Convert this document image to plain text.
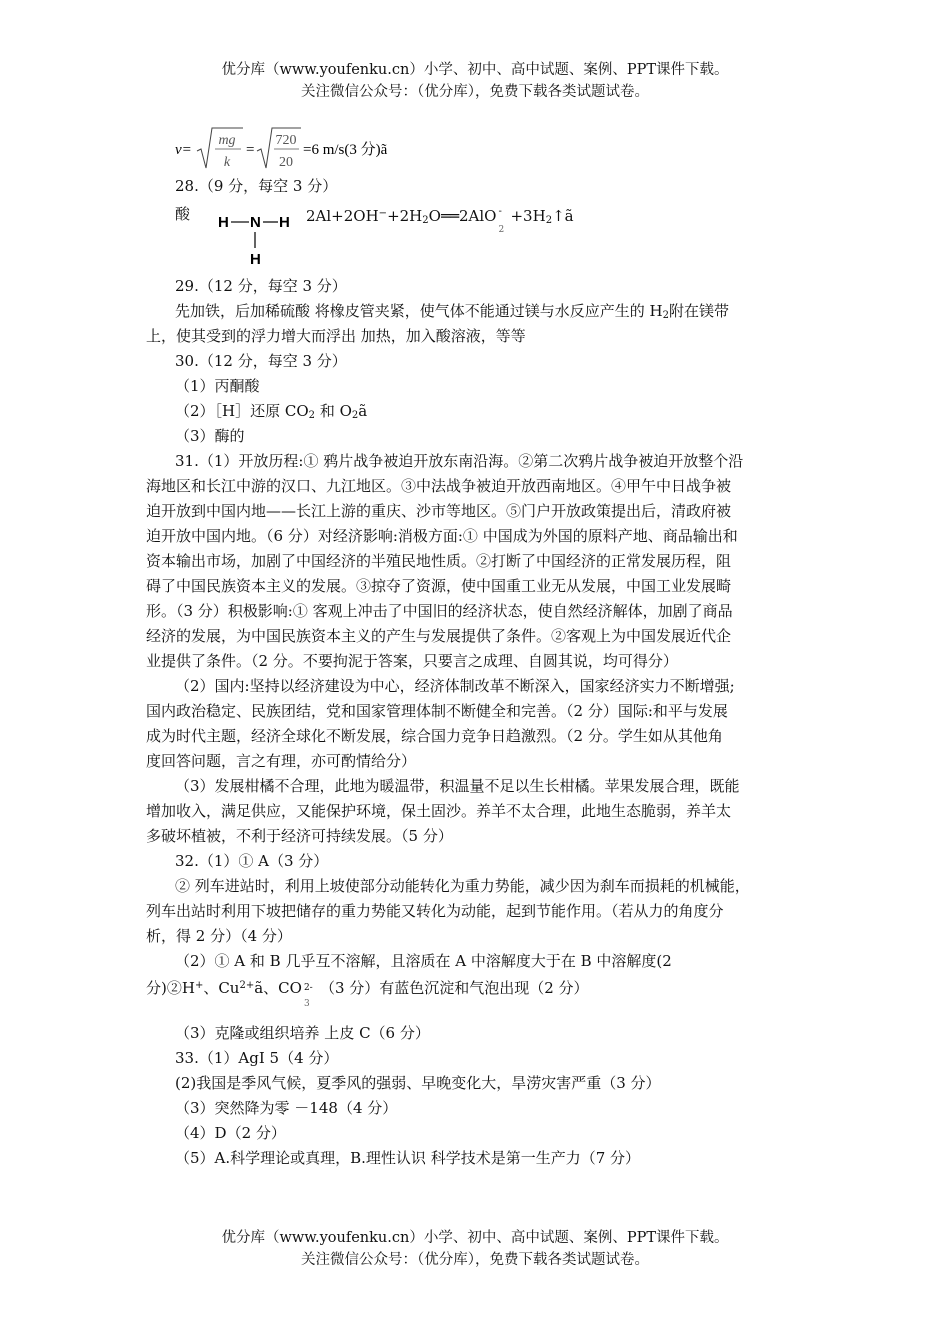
优分库（www.youfenku.cn）小学、初中、高中试题、案例、PPT课件下载。
关注微信公众号：（优分库），免费下载各类试题试卷。
v=
mg
k
=
720
20
=6 m/s(3 分)ã
28.（9 分，每空 3 分）
酸 H N H
H
$2Al+2OH^-+2H_2O══2AlO$ -
2
$+3H_2↑ã$
29.（12 分，每空 3 分）
先加铁，后加稀硫酸 将橡皮管夹紧，使气体不能通过镁与水反应产生的 $H_2$附在镁带
上，使其受到的浮力增大而浮出 加热，加入酸溶液，等等
30.（12 分，每空 3 分）
（1）丙酮酸
（2）［H］还原 $CO_2$ 和 $O_2ã$
（3）酶的
31.（1）开放历程:① 鸦片战争被迫开放东南沿海。②第二次鸦片战争被迫开放整个沿
海地区和长江中游的汉口、九江地区。③中法战争被迫开放西南地区。④甲午中日战争被
迫开放到中国内地——长江上游的重庆、沙市等地区。⑤门户开放政策提出后，清政府被
迫开放中国内地。（6 分）对经济影响:消极方面:① 中国成为外国的原料产地、商品输出和
资本输出市场，加剧了中国经济的半殖民地性质。②打断了中国经济的正常发展历程，阻
碍了中国民族资本主义的发展。③掠夺了资源，使中国重工业无从发展，中国工业发展畸
形。（3 分）积极影响:① 客观上冲击了中国旧的经济状态，使自然经济解体，加剧了商品
经济的发展，为中国民族资本主义的产生与发展提供了条件。②客观上为中国发展近代企
业提供了条件。（2 分。不要拘泥于答案，只要言之成理、自圆其说，均可得分）
（2）国内:坚持以经济建设为中心，经济体制改革不断深入，国家经济实力不断增强;
国内政治稳定、民族团结，党和国家管理体制不断健全和完善。（2 分）国际:和平与发展
成为时代主题，经济全球化不断发展，综合国力竞争日趋激烈。（2 分。学生如从其他角
度回答问题，言之有理，亦可酌情给分）
（3）发展柑橘不合理，此地为暖温带，积温量不足以生长柑橘。苹果发展合理，既能
增加收入，满足供应，又能保护环境，保土固沙。养羊不太合理，此地生态脆弱，养羊太
多破坏植被，不利于经济可持续发展。（5 分）
32.（1）① A（3 分）
② 列车进站时，利用上坡使部分动能转化为重力势能，减少因为刹车而损耗的机械能，
列车出站时利用下坡把储存的重力势能又转化为动能，起到节能作用。（若从力的角度分
析，得 2 分）（4 分）
（2）① A 和 B 几乎互不溶解，且溶质在 A 中溶解度大于在 B 中溶解度(2
分)②H+、$Cu^{2+}ã$、CO 2-
3
（3 分）有蓝色沉淀和气泡出现（2 分）
（3）克隆或组织培养 上皮 C（6 分）
33.（1）AgI 5（4 分）
(2)我国是季风气候，夏季风的强弱、早晚变化大，旱涝灾害严重（3 分）
（3）突然降为零 －148（4 分）
（4）D（2 分）
（5）A.科学理论或真理，B.理性认识 科学技术是第一生产力（7 分）
优分库（www.youfenku.cn）小学、初中、高中试题、案例、PPT课件下载。
关注微信公众号：（优分库），免费下载各类试题试卷。
